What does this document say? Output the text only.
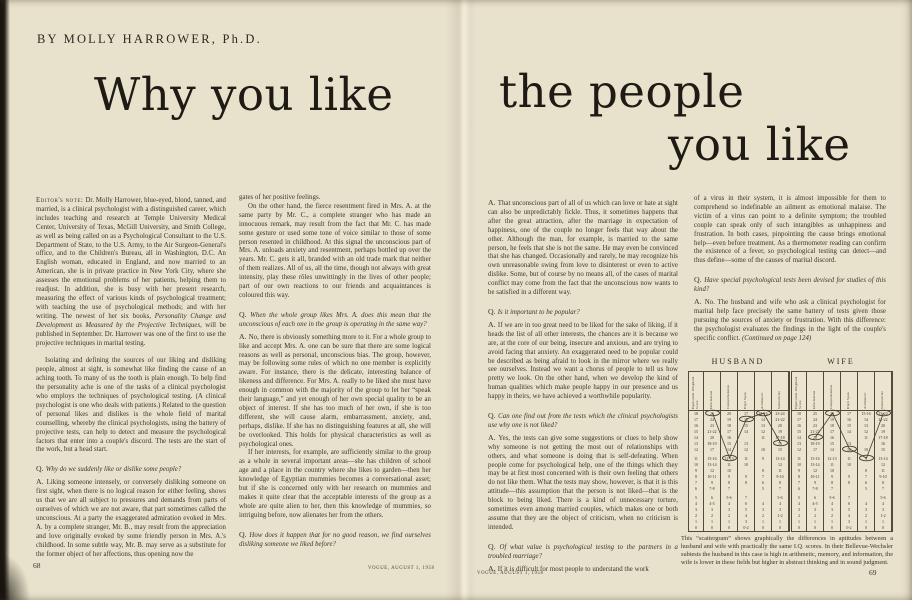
BY MOLLY HARROWER, Ph.D.
Why you like the people
you like

Editor's note: Dr. Molly Harrower, blue-eyed, blond, tanned, and married, is a clinical psychologist with a distinguished career, which includes teaching and research at Temple University Medical Center, University of Texas, McGill University, and Smith College, as well as being called on as a Psychological Consultant to the U.S. Department of State, to the U.S. Army, to the Air Surgeon-General's office, and to the Children's Bureau, all in Washington, D.C. An English woman, educated in England, and now married to an American, she is in private practice in New York City, where she assesses the emotional problems of her patients, helping them to readjust. In addition, she is busy with her present research, measuring the effect of various kinds of psychological treatment; with teaching the use of psychological methods; and with her writing. The newest of her six books, Personality Change and Development as Measured by the Projective Techniques, will be published in September. Dr. Harrower was one of the first to use the projective techniques in marital testing.

Isolating and defining the sources of our liking and disliking people, almost at sight, is somewhat like finding the cause of an aching tooth. To many of us the tooth is plain enough. To help find the personality ache is one of the tasks of a clinical psychologist who employs the techniques of psychological testing. (A clinical psychologist is one who deals with patients.) Related to the question of personal likes and dislikes is the whole field of marital counselling, whereby the clinical psychologists, using the battery of projective tests, can help to detect and measure the psychological factors that enter into a couple's discord. The tests are the start of the work, but a head start.

Q. Why do we suddenly like or dislike some people?

A. Liking someone intensely, or conversely disliking someone on first sight, when there is no logical reason for either feeling, shows us that we are all subject to pressures and demands from parts of ourselves of which we are not aware, that part sometimes called the unconscious. At a party the exaggerated admiration evoked in Mrs. A. by a complete stranger, Mr. B., may result from the appreciation and love originally evoked by some friendly person in Mrs. A.'s childhood. In some subtle way, Mr. B. may serve as a substitute for the former object of her affections, thus opening now the

gates of her positive feelings.

On the other hand, the fierce resentment fired in Mrs. A. at the same party by Mr. C., a complete stranger who has made an innocuous remark, may result from the fact that Mr. C. has made some gesture or used some tone of voice similar to those of some person resented in childhood. At this signal the unconscious part of Mrs. A. unloads anxiety and resentment, perhaps bottled up over the years. Mr. C. gets it all, branded with an old trade mark that neither of them realizes. All of us, all the time, though not always with great intensity, play these rôles unwittingly in the lives of other people; part of our own reactions to our friends and acquaintances is coloured this way.

Q. When the whole group likes Mrs. A. does this mean that the unconscious of each one in the group is operating in the same way?

A. No, there is obviously something more to it. For a whole group to like and accept Mrs. A. one can be sure that there are some logical reasons as well as personal, unconscious bias. The group, however, may be following some rules of which no one member is explicitly aware. For instance, there is the delicate, interesting balance of likeness and difference. For Mrs. A. really to be liked she must have enough in common with the majority of the group to let her “speak their language,” and yet enough of her own special quality to be an object of interest. If she has too much of her own, if she is too different, she will cause alarm, embarrassment, anxiety, and, perhaps, dislike. If she has no distinguishing features at all, she will be overlooked. This holds for physical characteristics as well as psychological ones.

If her interests, for example, are sufficiently similar to the group as a whole in several important areas—she has children of school age and a place in the country where she likes to garden—then her knowledge of Egyptian mummies becomes a conversational asset; but if she is concerned only with her research on mummies and makes it quite clear that the acceptable interests of the group as a whole are quite alien to her, then this knowledge of mummies, so intriguing before, now alienates her from the others.

Q. How does it happen that for no good reason, we find ourselves disliking someone we liked before?

A. That unconscious part of all of us which can love or hate at sight can also be unpredictably fickle. Thus, it sometimes happens that after the great attraction, after the marriage in expectation of happiness, one of the couple no longer feels that way about the other. Although the man, for example, is married to the same person, he feels that she is not the same. He may even be convinced that she has changed. Occasionally and rarely, he may recognize his own unreasonable swing from love to disinterest or even to active dislike. Some, but of course by no means all, of the cases of marital conflict may come from the fact that the unconscious now wants to be satisfied in a different way.

Q. Is it important to be popular?

A. If we are in too great need to be liked for the sake of liking, if it heads the list of all other interests, the chances are it is because we are, at the core of our being, insecure and anxious, and are trying to avoid facing that anxiety. An exaggerated need to be popular could be described as being afraid to look in the mirror where we really see ourselves. Instead we want a chorus of people to tell us how pretty we look. On the other hand, when we develop the kind of human qualities which make people happy in our presence and us happy in theirs, we have achieved a worthwhile popularity.

Q. Can one find out from the tests which the clinical psychologists use why one is not liked?

A. Yes, the tests can give some suggestions or clues to help show why someone is not getting the most out of relationships with others, and what someone is doing that is self-defeating. When people come for psychological help, one of the things which they may be at first most concerned with is their own feeling that others do not like them. What the tests may show, however, is that it is this attitude—this assumption that the person is not liked—that is the block to being liked. There is a kind of unnecessary torture, sometimes even among married couples, which makes one or both assume that they are the object of criticism, when no criticism is intended.

Q. Of what value is psychological testing to the partners in a troubled marriage?

A. If it is difficult for most people to understand the work

of a virus in their system, it is almost impossible for them to comprehend so indefinable an ailment as emotional malaise. The victim of a virus can point to a definite symptom; the troubled couple can speak only of such intangibles as unhappiness and frustration. In both cases, pinpointing the cause brings emotional help—even before treatment. As a thermometer reading can confirm the existence of a fever, so psychological testing can detect—and thus define—some of the causes of marital discord.

Q. Have special psychological tests been devised for studies of this kind?

A. No. The husband and wife who ask a clinical psychologist for marital help face precisely the same battery of tests given those pursuing the sources of anxiety or frustration. With this difference: the psychologist evaluates the findings in the light of the couple's specific conflict. (Continued on page 124)

HUSBAND	WIFE
Equivalent Weighted Score
18
17
16
15
14
13
12
11
10
9
8
7
6
5
4
3
2
1
0
Information
25
24
23
21-22
20
18-19
17
15-16
13-14
12
10-11
9
7-8
6
4-5
3
2
1
0
Comprehension
20
19
18
17
16
15
14
12-13
11
10
9
8
7
5-6
4
3
2
1
0
Digit Span
17
16
15
14
13
12
11
10
9
8
7
6
5
4
3
0-2
Arithmetic
15-16
14
13
12
11
10
9
8
7
6
5
4
3
2
1
0
Similarities
23-24
21-22
20
19
17-18
16
15
13-14
12
11
9-10
8
7
5-6
4
3
1-2
1
0
Equivalent Weighted Score
18
17
16
15
14
13
12
11
10
9
8
7
6
5
4
3
2
1
0
Information
25
24
23
21-22
20
18-19
17
15-16
13-14
12
10-11
9
7-8
6
4-5
3
2
1
0
Comprehension
20
19
18
17
16
15
14
12-13
11
10
9
8
7
5-6
4
3
2
1
0
Digit Span
17
16
15
14
13
12
11
10
9
8
7
6
5
4
3
0-2
Arithmetic
15-16
14
13
12
11
10
9
8
7
6
5
4
3
2
1
0
Similarities
23-24
21-22
20
19
17-18
16
15
13-14
12
11
9-10
8
7
5-6
4
3
1-2
1
0
This “scattergram” shows graphically the differences in aptitudes between a husband and wife with practically the same I.Q. scores. In their Bellevue-Wechsler subtests the husband in this case is high in arithmetic, memory, and information, the wife is lower in these fields but higher in abstract thinking and in sound judgment.
VOGUE, AUGUST 1, 1958
VOGUE, AUGUST 1, 1958
68
69
